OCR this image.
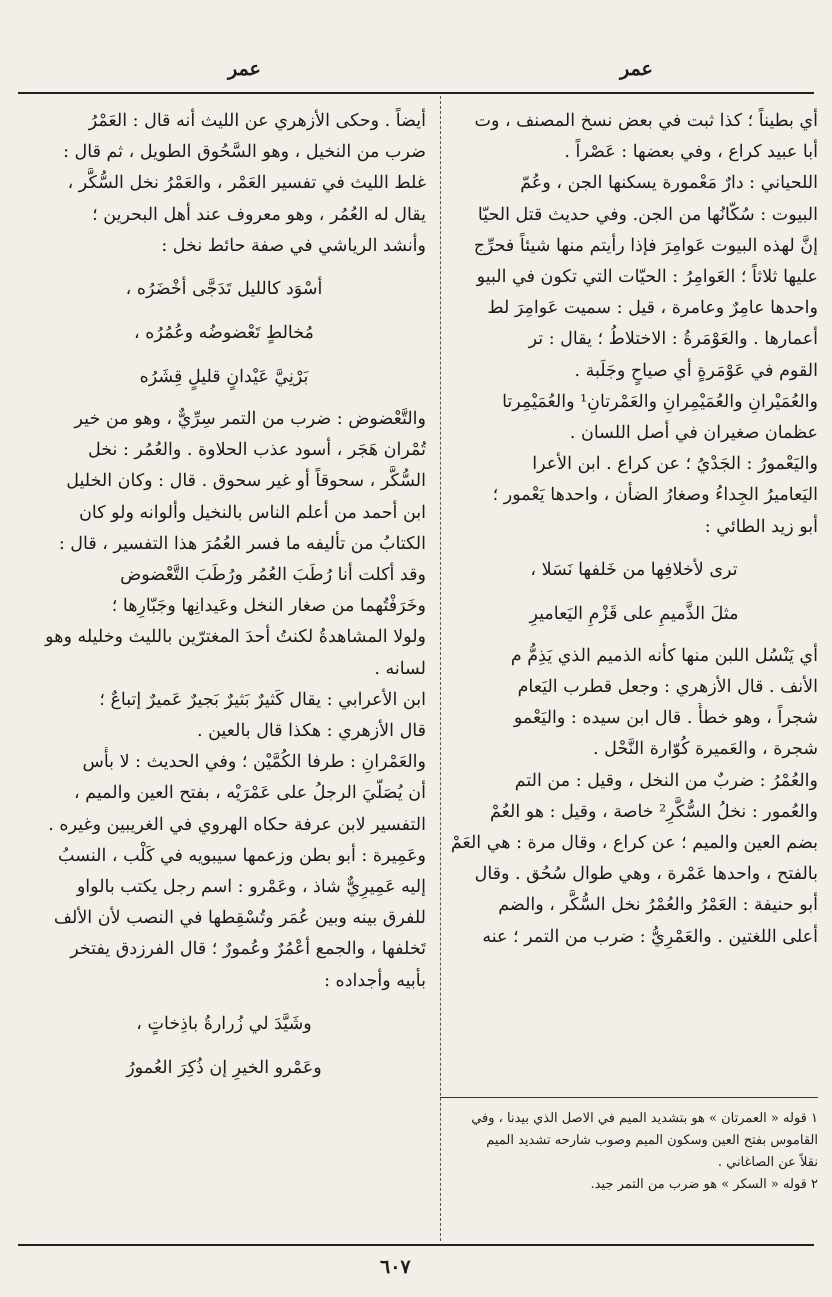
عمر
عمر

أي بطيناً ؛ كذا ثبت في بعض نسخ المصنف ، وت

أبا عبيد كراع ، وفي بعضها : عَصْراً .

اللحياني : دارٌ مَعْمورة يسكنها الجن ، وعُمّ

البيوت : سُكّانُها من الجن. وفي حديث قتل الحيّا

إنَّ لهذه البيوت عَوامِرَ فإذا رأيتم منها شيئاً فحرِّج

عليها ثلاثاً ؛ العَوامِرُ : الحيّات التي تكون في البيو

واحدها عامِرٌ وعامرة ، قيل : سميت عَوامِرَ لط

أعمارها . والعَوْمَرةُ : الاختلاطُ ؛ يقال : تر

القوم في عَوْمَرةٍ أي صياحٍ وجَلَبة .

والعُمَيْرانِ والعُمَيْمِرانِ والعَمْرتانِ¹ والعُمَيْمِرتا

عظمان صغيران في أصل اللسان .

واليَعْمورُ : الجَدْيُ ؛ عن كراع . ابن الأعرا

اليَعاميرُ الجِداءُ وصغارُ الضأن ، واحدها يَعْمور ؛

أبو زيد الطائي :

ترى لأخلافِها من خَلفها نَسَلا ،

مثلَ الذَّميمِ على قَزْمِ اليَعاميرِ

أي يَنْسُل اللبن منها كأنه الذميم الذي يَذِمُّ م

الأنف . قال الأزهري : وجعل قطرب اليَعام

شجراً ، وهو خطأٌ . قال ابن سيده : واليَعْمو

شجرة ، والعَميرة كُوّارة النَّحْل .

والعُمْرُ : ضربٌ من النخل ، وقيل : من التم

والعُمور : نخلُ السُّكَّرِ² خاصة ، وقيل : هو العُمْ

بضم العين والميم ؛ عن كراع ، وقال مرة : هي العَمْ

بالفتح ، واحدها عَمْرة ، وهي طوال سُحُق . وقال

أبو حنيفة : العَمْرُ والعُمْرُ نخل السُّكَّر ، والضم

أعلى اللغتين . والعَمْرِيُّ : ضرب من التمر ؛ عنه

١ قوله « العمرتان » هو بتشديد الميم في الاصل الذي بيدنا ، وفي

القاموس بفتح العين وسكون الميم وصوب شارحه تشديد الميم

نقلاً عن الصاغاني .

٢ قوله « السكر » هو ضرب من التمر جيد.

أيضاً . وحكى الأزهري عن الليث أنه قال : العَمْرُ

ضرب من النخيل ، وهو السَّحُوق الطويل ، ثم قال :

غلط الليث في تفسير العَمْر ، والعَمْرُ نخل السُّكَّر ،

يقال له العُمُر ، وهو معروف عند أهل البحرين ؛

وأنشد الرياشي في صفة حائط نخل :

أسْوَد كالليل تَدَجَّى أخْضَرُه ،

مُخالطٍ تَعْضوضُه وعُمُرُه ،

بَرْنِيَّ عَيْدانٍ قليلٍ قِشَرُه

والتَّعْضوض : ضرب من التمر سِرِّيٌّ ، وهو من خير

تُمْران هَجَر ، أسود عذب الحلاوة . والعُمُر : نخل

السُّكَّر ، سحوقاً أو غير سحوق . قال : وكان الخليل

ابن أحمد من أعلم الناس بالنخيل وألوانه ولو كان

الكتابُ من تأليفه ما فسر العُمُرَ هذا التفسير ، قال :

وقد أكلت أنا رُطَبَ العُمُر ورُطَبَ التَّعْضوض

وخَرَفْتُهما من صغار النخل وعَيدانِها وجَبّارِها ؛

ولولا المشاهدةُ لكنتُ أحدَ المغترّين بالليث وخليله وهو

لسانه .

ابن الأعرابي : يقال كَثيرٌ بَثيرٌ بَجيرٌ عَميرٌ إتباعٌ ؛

قال الأزهري : هكذا قال بالعين .

والعَمْرانِ : طرفا الكُمَّيْن ؛ وفي الحديث : لا بأْس

أن يُصَلّيَ الرجلُ على عَمْرَيْه ، بفتح العين والميم ،

التفسير لابن عرفة حكاه الهروي في الغريبين وغيره .

وعَمِيرة : أبو بطن وزعمها سيبويه في كَلْب ، النسبُ

إليه عَمِيرِيٌّ شاذ ، وعَمْرو : اسم رجل يكتب بالواو

للفرق بينه وبين عُمَر وتُسْقِطها في النصب لأن الألف

تَخلفها ، والجمع أعْمُرٌ وعُمورٌ ؛ قال الفرزدق يفتخر

بأبيه وأجداده :

وشَيَّدَ لي زُرارةُ باذِخاتٍ ،

وعَمْرو الخيرِ إن ذُكِرَ العُمورُ

٦٠٧
